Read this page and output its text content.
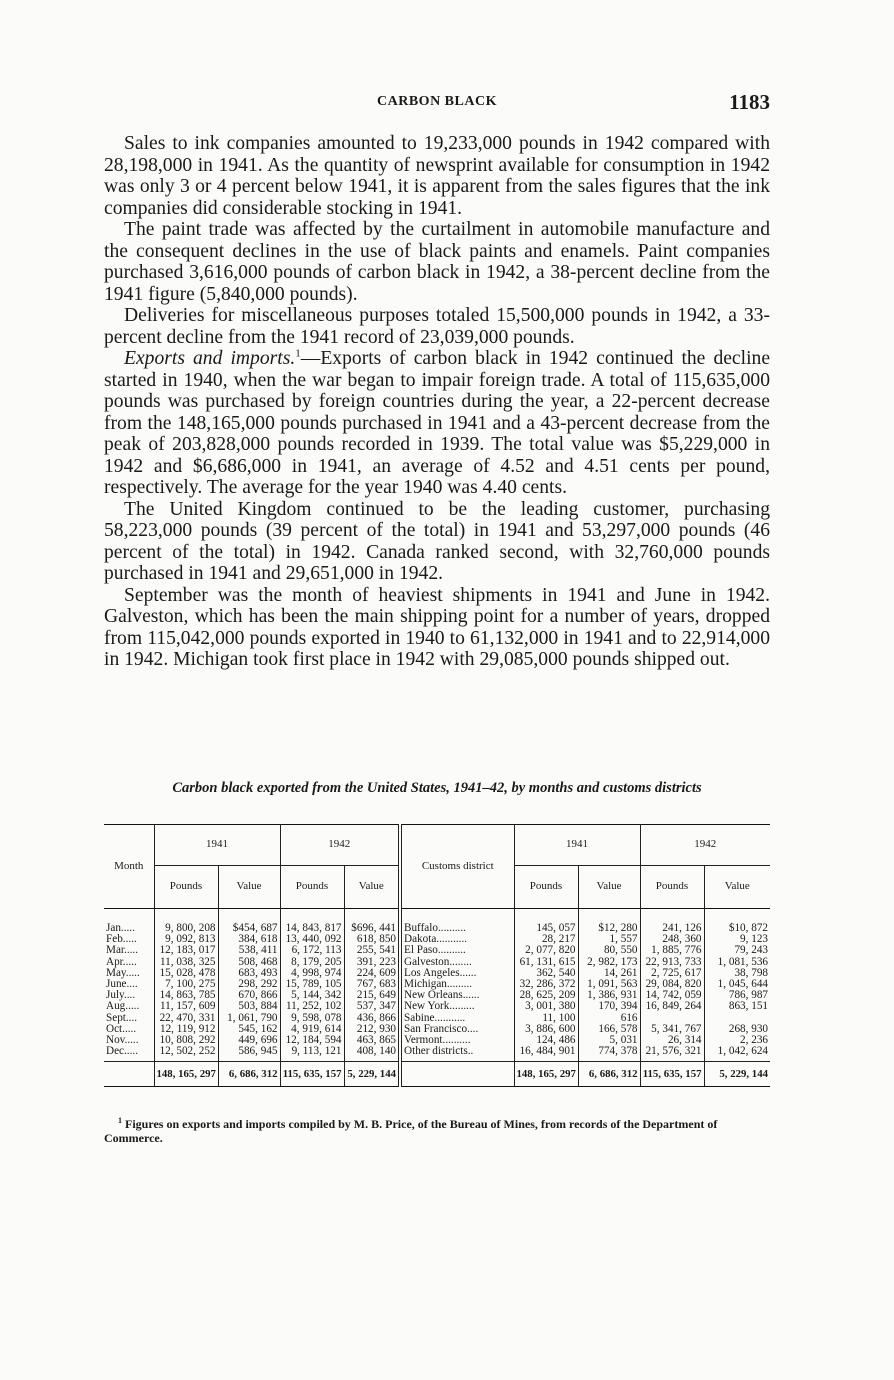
CARBON BLACK	1183

Sales to ink companies amounted to 19,233,000 pounds in 1942 compared with 28,198,000 in 1941. As the quantity of newsprint available for consumption in 1942 was only 3 or 4 percent below 1941, it is apparent from the sales figures that the ink companies did considerable stocking in 1941.

The paint trade was affected by the curtailment in automobile manufacture and the consequent declines in the use of black paints and enamels. Paint companies purchased 3,616,000 pounds of carbon black in 1942, a 38-percent decline from the 1941 figure (5,840,000 pounds).

Deliveries for miscellaneous purposes totaled 15,500,000 pounds in 1942, a 33-percent decline from the 1941 record of 23,039,000 pounds.

Exports and imports.$^1$—Exports of carbon black in 1942 continued the decline started in 1940, when the war began to impair foreign trade. A total of 115,635,000 pounds was purchased by foreign countries during the year, a 22-percent decrease from the 148,165,000 pounds purchased in 1941 and a 43-percent decrease from the peak of 203,828,000 pounds recorded in 1939. The total value was $5,229,000 in 1942 and $6,686,000 in 1941, an average of 4.52 and 4.51 cents per pound, respectively. The average for the year 1940 was 4.40 cents.

The United Kingdom continued to be the leading customer, purchasing 58,223,000 pounds (39 percent of the total) in 1941 and 53,297,000 pounds (46 percent of the total) in 1942. Canada ranked second, with 32,760,000 pounds purchased in 1941 and 29,651,000 in 1942.

September was the month of heaviest shipments in 1941 and June in 1942. Galveston, which has been the main shipping point for a number of years, dropped from 115,042,000 pounds exported in 1940 to 61,132,000 in 1941 and to 22,914,000 in 1942. Michigan took first place in 1942 with 29,085,000 pounds shipped out.

Carbon black exported from the United States, 1941–42, by months and customs districts
Month	1941		1942		Customs district	1941		1942	
	Pounds	Value	Pounds	Value		Pounds	Value	Pounds	Value
Jan.....	9, 800, 208	$454, 687	14, 843, 817	$696, 441	Buffalo..........	145, 057	$12, 280	241, 126	$10, 872
Feb.....	9, 092, 813	384, 618	13, 440, 092	618, 850	Dakota...........	28, 217	1, 557	248, 360	9, 123
Mar.....	12, 183, 017	538, 411	6, 172, 113	255, 541	El Paso..........	2, 077, 820	80, 550	1, 885, 776	79, 243
Apr.....	11, 038, 325	508, 468	8, 179, 205	391, 223	Galveston........	61, 131, 615	2, 982, 173	22, 913, 733	1, 081, 536
May.....	15, 028, 478	683, 493	4, 998, 974	224, 609	Los Angeles......	362, 540	14, 261	2, 725, 617	38, 798
June....	7, 100, 275	298, 292	15, 789, 105	767, 683	Michigan.........	32, 286, 372	1, 091, 563	29, 084, 820	1, 045, 644
July....	14, 863, 785	670, 866	5, 144, 342	215, 649	New Orleans......	28, 625, 209	1, 386, 931	14, 742, 059	786, 987
Aug.....	11, 157, 609	503, 884	11, 252, 102	537, 347	New York.........	3, 001, 380	170, 394	16, 849, 264	863, 151
Sept....	22, 470, 331	1, 061, 790	9, 598, 078	436, 866	Sabine...........	11, 100	616		
Oct.....	12, 119, 912	545, 162	4, 919, 614	212, 930	San Francisco....	3, 886, 600	166, 578	5, 341, 767	268, 930
Nov.....	10, 808, 292	449, 696	12, 184, 594	463, 865	Vermont..........	124, 486	5, 031	26, 314	2, 236
Dec.....	12, 502, 252	586, 945	9, 113, 121	408, 140	Other districts..	16, 484, 901	774, 378	21, 576, 321	1, 042, 624
	148, 165, 297	6, 686, 312	115, 635, 157	5, 229, 144		148, 165, 297	6, 686, 312	115, 635, 157	5, 229, 144
$^1$ Figures on exports and imports compiled by M. B. Price, of the Bureau of Mines, from records of the Department of Commerce.
